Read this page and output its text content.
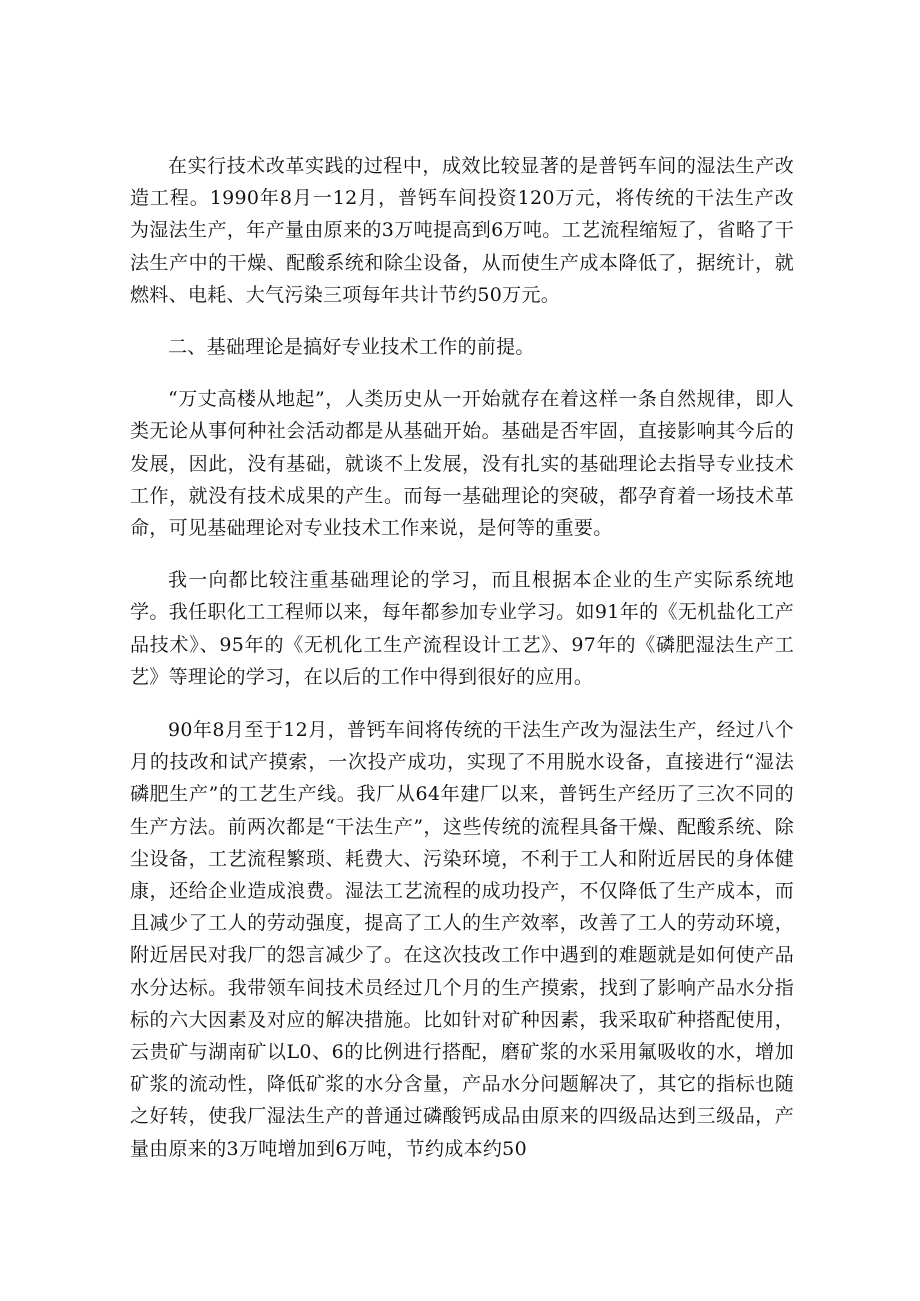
在实行技术改革实践的过程中，成效比较显著的是普钙车间的湿法生产改造工程。1990年8月一12月，普钙车间投资120万元，将传统的干法生产改为湿法生产，年产量由原来的3万吨提高到6万吨。工艺流程缩短了，省略了干法生产中的干燥、配酸系统和除尘设备，从而使生产成本降低了，据统计，就燃料、电耗、大气污染三项每年共计节约50万元。

二、基础理论是搞好专业技术工作的前提。

“万丈高楼从地起”，人类历史从一开始就存在着这样一条自然规律，即人类无论从事何种社会活动都是从基础开始。基础是否牢固，直接影响其今后的发展，因此，没有基础，就谈不上发展，没有扎实的基础理论去指导专业技术工作，就没有技术成果的产生。而每一基础理论的突破，都孕育着一场技术革命，可见基础理论对专业技术工作来说，是何等的重要。

我一向都比较注重基础理论的学习，而且根据本企业的生产实际系统地学。我任职化工工程师以来，每年都参加专业学习。如91年的《无机盐化工产品技术》、95年的《无机化工生产流程设计工艺》、97年的《磷肥湿法生产工艺》等理论的学习，在以后的工作中得到很好的应用。

90年8月至于12月，普钙车间将传统的干法生产改为湿法生产，经过八个月的技改和试产摸索，一次投产成功，实现了不用脱水设备，直接进行“湿法磷肥生产”的工艺生产线。我厂从64年建厂以来，普钙生产经历了三次不同的生产方法。前两次都是“干法生产”，这些传统的流程具备干燥、配酸系统、除尘设备，工艺流程繁琐、耗费大、污染环境，不利于工人和附近居民的身体健康，还给企业造成浪费。湿法工艺流程的成功投产，不仅降低了生产成本，而且减少了工人的劳动强度，提高了工人的生产效率，改善了工人的劳动环境，附近居民对我厂的怨言减少了。在这次技改工作中遇到的难题就是如何使产品水分达标。我带领车间技术员经过几个月的生产摸索，找到了影响产品水分指标的六大因素及对应的解决措施。比如针对矿种因素，我采取矿种搭配使用，云贵矿与湖南矿以L0、6的比例进行搭配，磨矿浆的水采用氟吸收的水，增加矿浆的流动性，降低矿浆的水分含量，产品水分问题解决了，其它的指标也随之好转，使我厂湿法生产的普通过磷酸钙成品由原来的四级品达到三级品，产量由原来的3万吨增加到6万吨，节约成本约50
